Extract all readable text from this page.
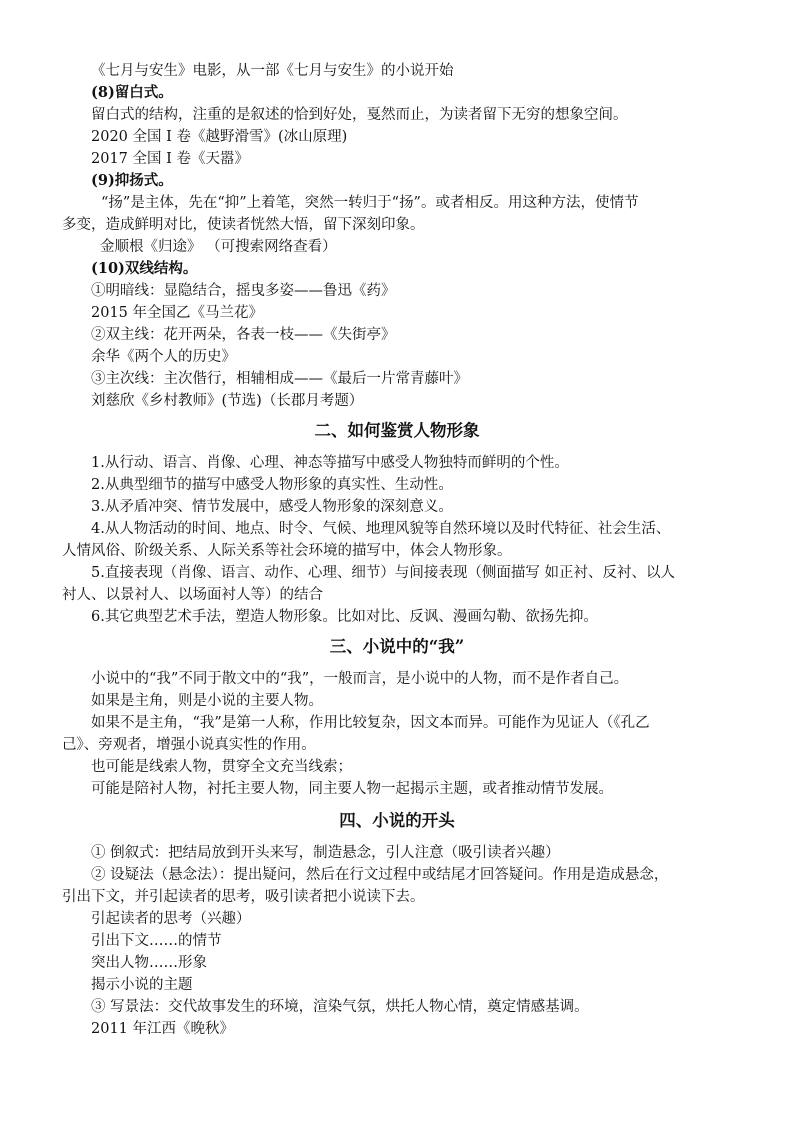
《七月与安生》电影，从一部《七月与安生》的小说开始
(8)留白式。
留白式的结构，注重的是叙述的恰到好处，戛然而止，为读者留下无穷的想象空间。
2020 全国 I 卷《越野滑雪》(冰山原理)
2017 全国 I 卷《天嚣》
(9)抑扬式。
“扬”是主体，先在“抑”上着笔，突然一转归于“扬”。或者相反。用这种方法，使情节
多变，造成鲜明对比，使读者恍然大悟，留下深刻印象。
金顺根《归途》 （可搜索网络查看）
(10)双线结构。
①明暗线：显隐结合，摇曳多姿——鲁迅《药》
2015 年全国乙《马兰花》
②双主线：花开两朵，各表一枝——《失街亭》
余华《两个人的历史》
③主次线：主次偕行，相辅相成——《最后一片常青藤叶》
刘慈欣《乡村教师》(节选)（长郡月考题）
二、如何鉴赏人物形象
1.从行动、语言、肖像、心理、神态等描写中感受人物独特而鲜明的个性。
2.从典型细节的描写中感受人物形象的真实性、生动性。
3.从矛盾冲突、情节发展中，感受人物形象的深刻意义。
4.从人物活动的时间、地点、时令、气候、地理风貌等自然环境以及时代特征、社会生活、
人情风俗、阶级关系、人际关系等社会环境的描写中，体会人物形象。
5.直接表现（肖像、语言、动作、心理、细节）与间接表现（侧面描写 如正衬、反衬、以人
衬人、以景衬人、以场面衬人等）的结合
6.其它典型艺术手法，塑造人物形象。比如对比、反讽、漫画勾勒、欲扬先抑。
三、小说中的“我”
小说中的“我”不同于散文中的“我”，一般而言，是小说中的人物，而不是作者自己。
如果是主角，则是小说的主要人物。
如果不是主角，“我”是第一人称，作用比较复杂，因文本而异。可能作为见证人（《孔乙
己》、旁观者，增强小说真实性的作用。
也可能是线索人物，贯穿全文充当线索；
可能是陪衬人物，衬托主要人物，同主要人物一起揭示主题，或者推动情节发展。
四、小说的开头
① 倒叙式：把结局放到开头来写，制造悬念，引人注意（吸引读者兴趣）
② 设疑法（悬念法）：提出疑问，然后在行文过程中或结尾才回答疑问。作用是造成悬念，
引出下文，并引起读者的思考，吸引读者把小说读下去。
引起读者的思考（兴趣）
引出下文……的情节
突出人物……形象
揭示小说的主题
③ 写景法：交代故事发生的环境，渲染气氛，烘托人物心情，奠定情感基调。
2011 年江西《晚秋》
